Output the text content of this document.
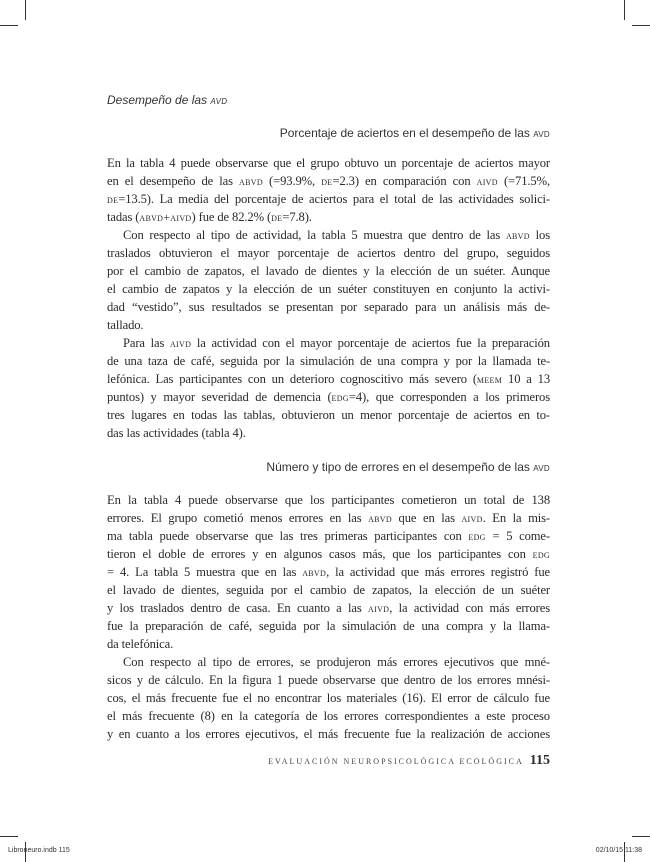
Desempeño de las avd
Porcentaje de aciertos en el desempeño de las avd
En la tabla 4 puede observarse que el grupo obtuvo un porcentaje de aciertos mayor
en el desempeño de las abvd (=93.9%, de=2.3) en comparación con aivd (=71.5%,
de=13.5). La media del porcentaje de aciertos para el total de las actividades solici-
tadas (abvd+aivd) fue de 82.2% (de=7.8).
Con respecto al tipo de actividad, la tabla 5 muestra que dentro de las abvd los
traslados obtuvieron el mayor porcentaje de aciertos dentro del grupo, seguidos
por el cambio de zapatos, el lavado de dientes y la elección de un suéter. Aunque
el cambio de zapatos y la elección de un suéter constituyen en conjunto la activi-
dad “vestido”, sus resultados se presentan por separado para un análisis más de-
tallado.
Para las aivd la actividad con el mayor porcentaje de aciertos fue la preparación
de una taza de café, seguida por la simulación de una compra y por la llamada te-
lefónica. Las participantes con un deterioro cognoscitivo más severo (meem 10 a 13
puntos) y mayor severidad de demencia (edg=4), que corresponden a los primeros
tres lugares en todas las tablas, obtuvieron un menor porcentaje de aciertos en to-
das las actividades (tabla 4).
Número y tipo de errores en el desempeño de las avd
En la tabla 4 puede observarse que los participantes cometieron un total de 138
errores. El grupo cometió menos errores en las abvd que en las aivd. En la mis-
ma tabla puede observarse que las tres primeras participantes con edg = 5 come-
tieron el doble de errores y en algunos casos más, que los participantes con edg
= 4. La tabla 5 muestra que en las abvd, la actividad que más errores registró fue
el lavado de dientes, seguida por el cambio de zapatos, la elección de un suéter
y los traslados dentro de casa. En cuanto a las aivd, la actividad con más errores
fue la preparación de café, seguida por la simulación de una compra y la llama-
da telefónica.
Con respecto al tipo de errores, se produjeron más errores ejecutivos que mné-
sicos y de cálculo. En la figura 1 puede observarse que dentro de los errores mnési-
cos, el más frecuente fue el no encontrar los materiales (16). El error de cálculo fue
el más frecuente (8) en la categoría de los errores correspondientes a este proceso
y en cuanto a los errores ejecutivos, el más frecuente fue la realización de acciones
EVALUACIÓN NEUROPSICOLÓGICA ECOLÓGICA 115
Libroneuro.indb 115	02/10/15 11:38
